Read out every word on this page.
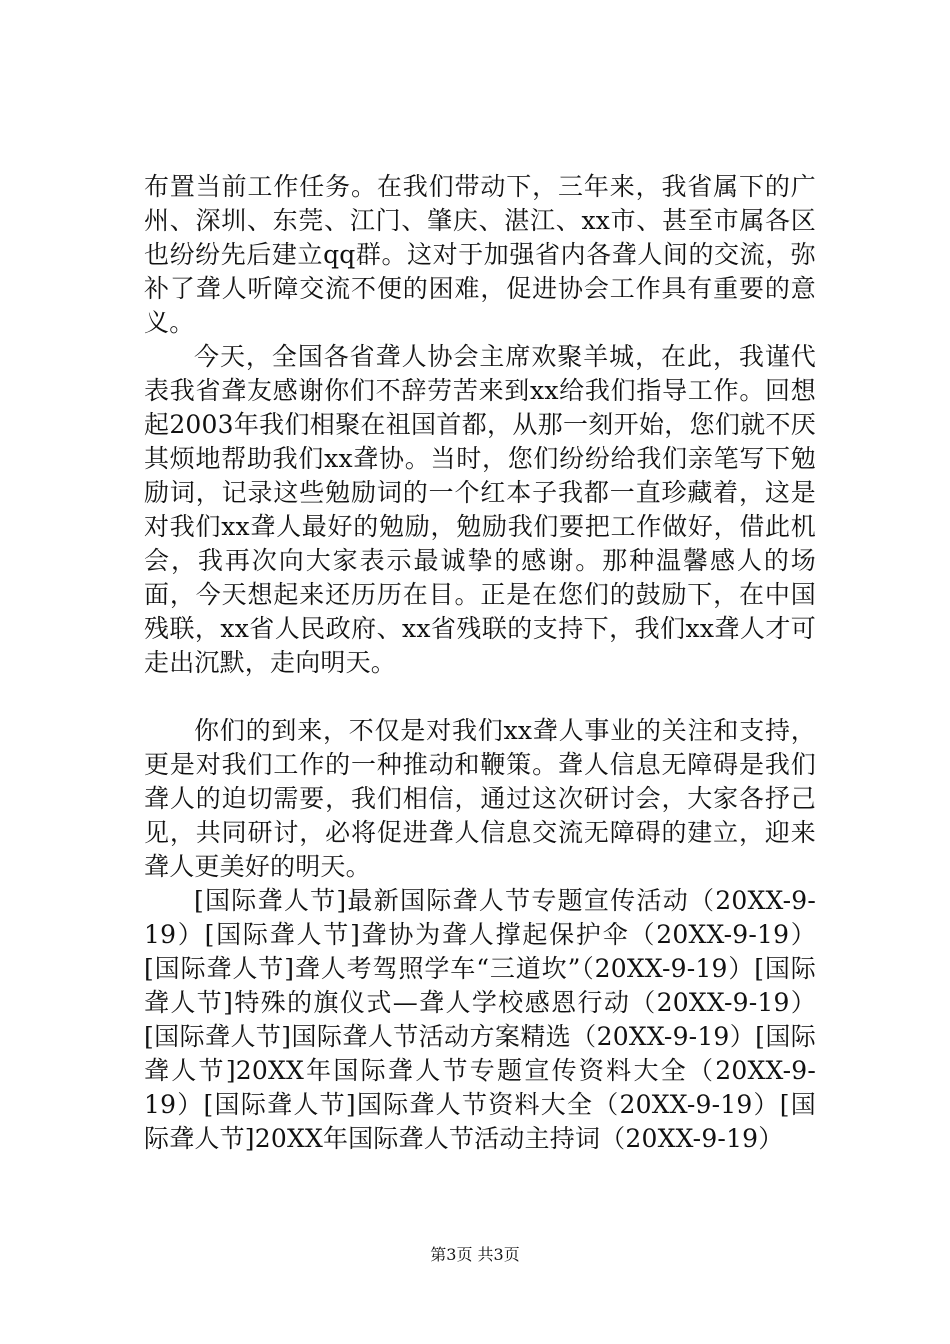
布置当前工作任务。在我们带动下，三年来，我省属下的广州、深圳、东莞、江门、肇庆、湛江、xx市、甚至市属各区也纷纷先后建立qq群。这对于加强省内各聋人间的交流，弥补了聋人听障交流不便的困难，促进协会工作具有重要的意义。

今天，全国各省聋人协会主席欢聚羊城，在此，我谨代表我省聋友感谢你们不辞劳苦来到xx给我们指导工作。回想起2003年我们相聚在祖国首都，从那一刻开始，您们就不厌其烦地帮助我们xx聋协。当时，您们纷纷给我们亲笔写下勉励词，记录这些勉励词的一个红本子我都一直珍藏着，这是对我们xx聋人最好的勉励，勉励我们要把工作做好，借此机会，我再次向大家表示最诚挚的感谢。那种温馨感人的场面，今天想起来还历历在目。正是在您们的鼓励下，在中国残联，xx省人民政府、xx省残联的支持下，我们xx聋人才可走出沉默，走向明天。

你们的到来，不仅是对我们xx聋人事业的关注和支持，更是对我们工作的一种推动和鞭策。聋人信息无障碍是我们聋人的迫切需要，我们相信，通过这次研讨会，大家各抒己见，共同研讨，必将促进聋人信息交流无障碍的建立，迎来聋人更美好的明天。

[国际聋人节]最新国际聋人节专题宣传活动（20XX-9-19）[国际聋人节]聋协为聋人撑起保护伞（20XX-9-19）[国际聋人节]聋人考驾照学车“三道坎”（20XX-9-19）[国际聋人节]特殊的旗仪式—聋人学校感恩行动（20XX-9-19）[国际聋人节]国际聋人节活动方案精选（20XX-9-19）[国际聋人节]20XX年国际聋人节专题宣传资料大全（20XX-9-19）[国际聋人节]国际聋人节资料大全（20XX-9-19）[国际聋人节]20XX年国际聋人节活动主持词（20XX-9-19）

第3页 共3页
